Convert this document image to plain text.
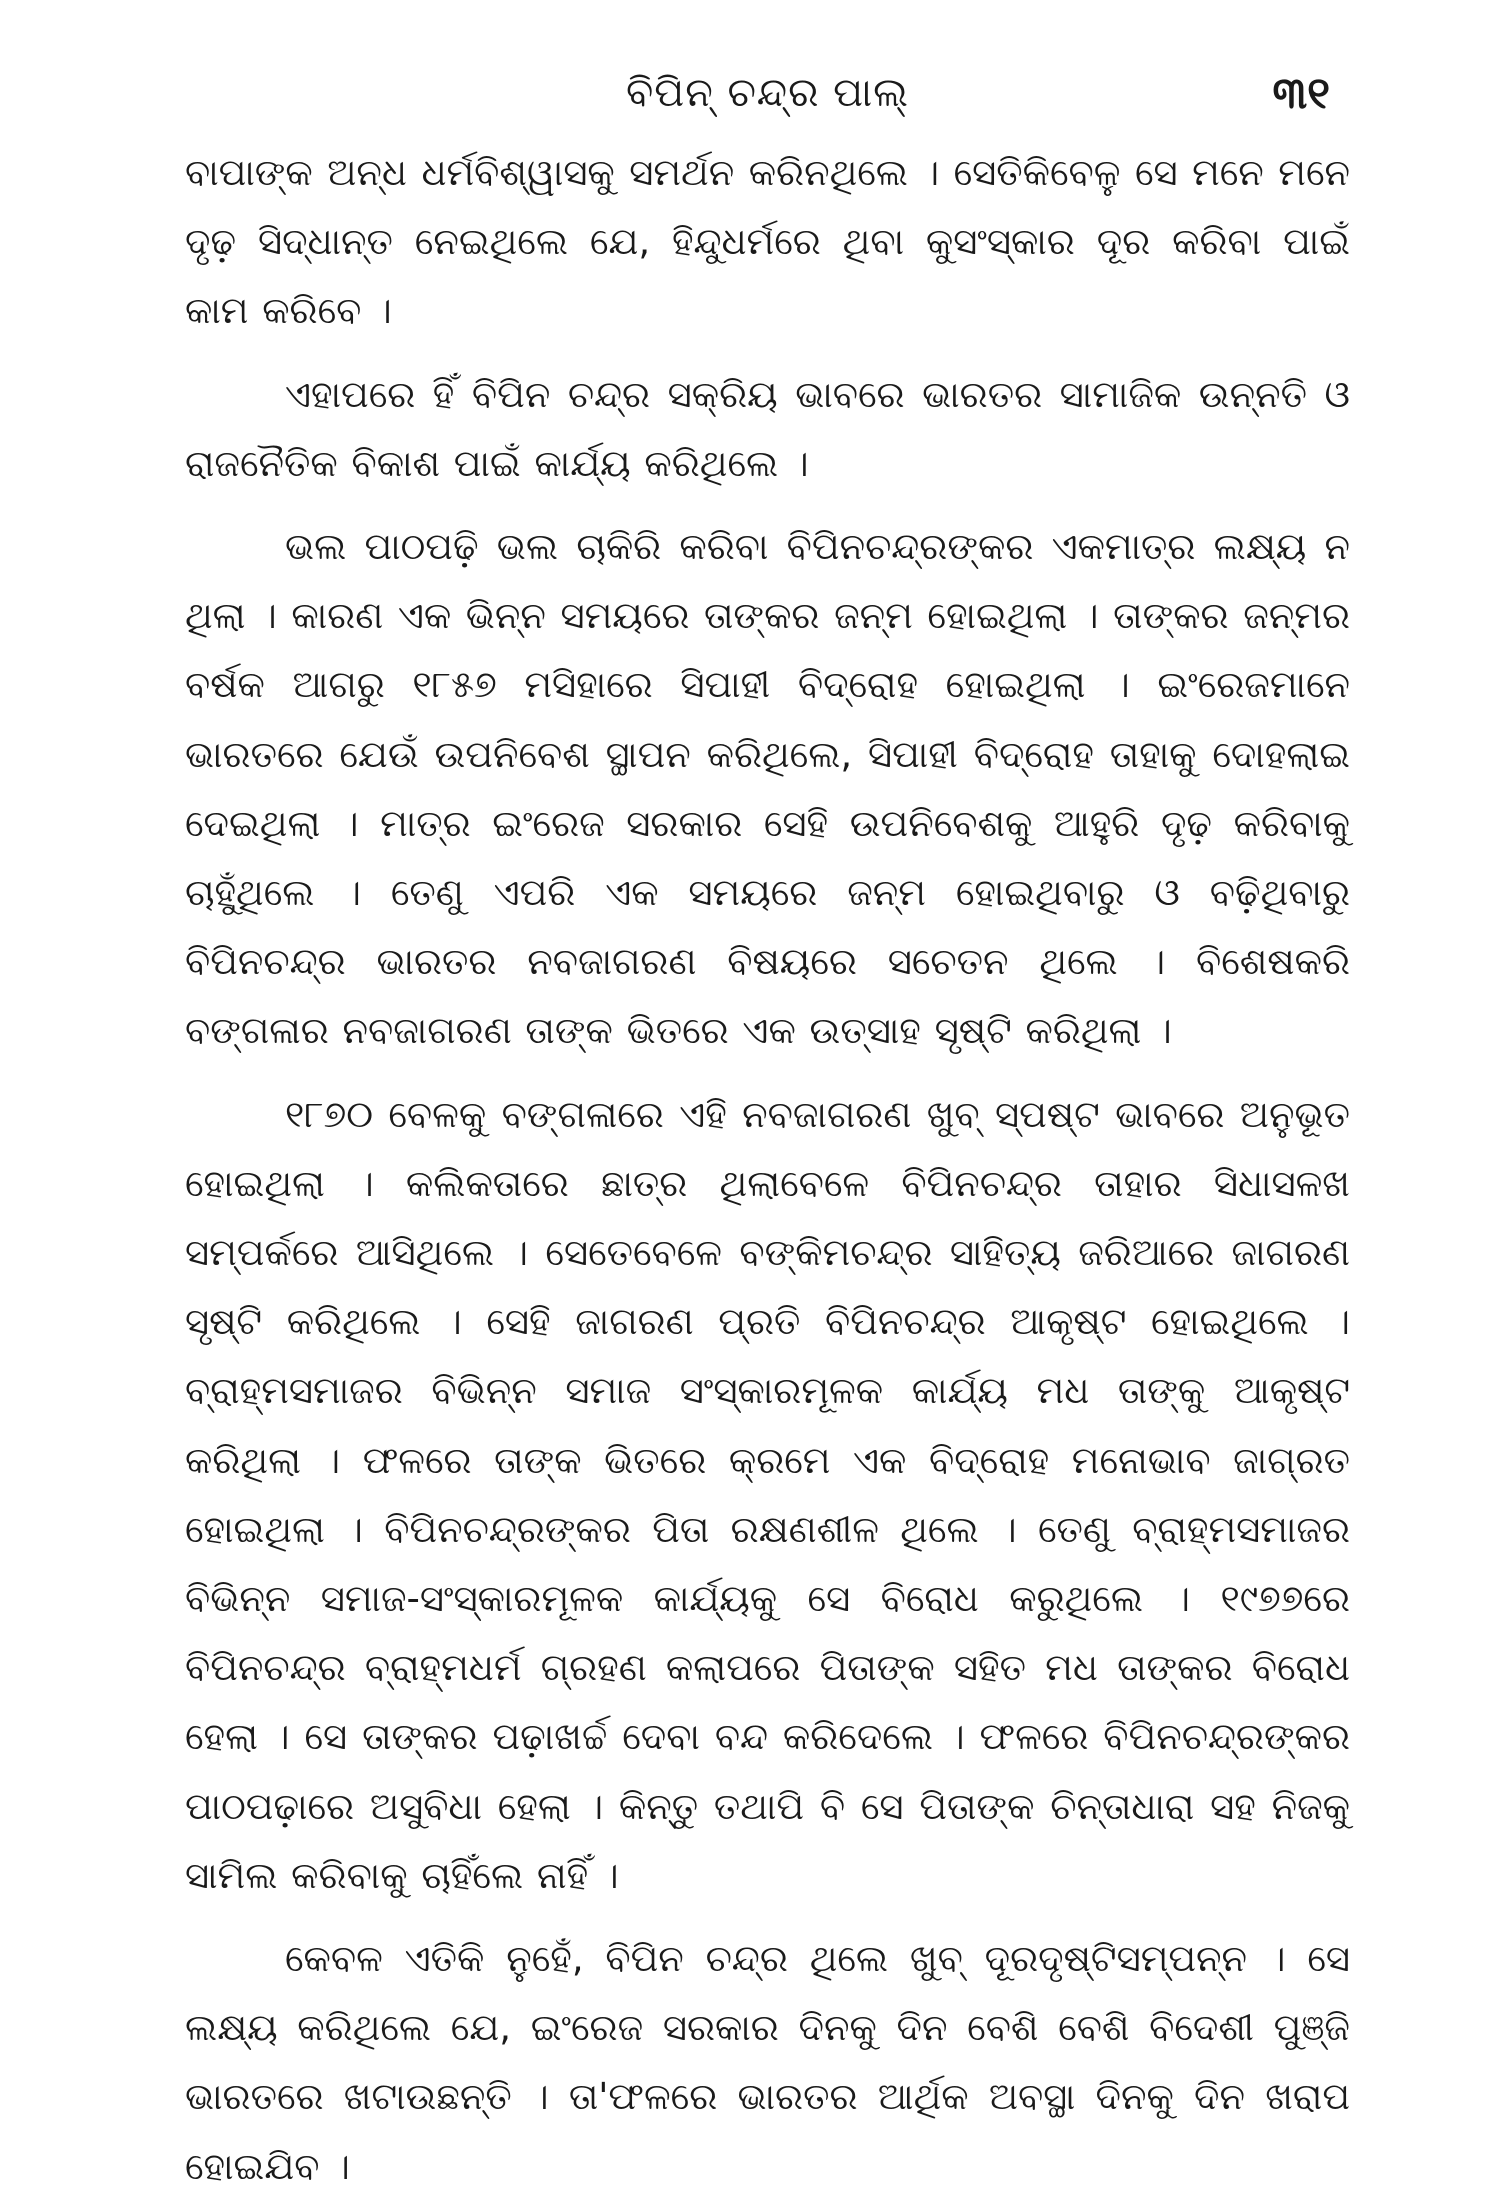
ବିପିନ୍ ଚନ୍ଦ୍ର ପାଲ୍	୩୧

ବାପାଙ୍କ ଅନ୍ଧ ଧର୍ମବିଶ୍ୱାସକୁ ସମର୍ଥନ କରିନଥିଲେ । ସେତିକିବେଳୁ ସେ ମନେ ମନେ ଦୃଢ଼ ସିଦ୍ଧାନ୍ତ ନେଇଥିଲେ ଯେ, ହିନ୍ଦୁଧର୍ମରେ ଥିବା କୁସଂସ୍କାର ଦୂର କରିବା ପାଇଁ କାମ କରିବେ ।

ଏହାପରେ ହିଁ ବିପିନ ଚନ୍ଦ୍ର ସକ୍ରିୟ ଭାବରେ ଭାରତର ସାମାଜିକ ଉନ୍ନତି ଓ ରାଜନୈତିକ ବିକାଶ ପାଇଁ କାର୍ଯ୍ୟ କରିଥିଲେ ।

ଭଲ ପାଠପଢ଼ି ଭଲ ଚାକିରି କରିବା ବିପିନଚନ୍ଦ୍ରଙ୍କର ଏକମାତ୍ର ଲକ୍ଷ୍ୟ ନ ଥିଲା । କାରଣ ଏକ ଭିନ୍ନ ସମୟରେ ତାଙ୍କର ଜନ୍ମ ହୋଇଥିଲା । ତାଙ୍କର ଜନ୍ମର ବର୍ଷକ ଆଗରୁ ୧୮୫୭ ମସିହାରେ ସିପାହୀ ବିଦ୍ରୋହ ହୋଇଥିଲା । ଇଂରେଜମାନେ ଭାରତରେ ଯେଉଁ ଉପନିବେଶ ସ୍ଥାପନ କରିଥିଲେ, ସିପାହୀ ବିଦ୍ରୋହ ତାହାକୁ ଦୋହଲାଇ ଦେଇଥିଲା । ମାତ୍ର ଇଂରେଜ ସରକାର ସେହି ଉପନିବେଶକୁ ଆହୁରି ଦୃଢ଼ କରିବାକୁ ଚାହୁଁଥିଲେ । ତେଣୁ ଏପରି ଏକ ସମୟରେ ଜନ୍ମ ହୋଇଥିବାରୁ ଓ ବଢ଼ିଥିବାରୁ ବିପିନଚନ୍ଦ୍ର ଭାରତର ନବଜାଗରଣ ବିଷୟରେ ସଚେତନ ଥିଲେ । ବିଶେଷକରି ବଙ୍ଗଳାର ନବଜାଗରଣ ତାଙ୍କ ଭିତରେ ଏକ ଉତ୍ସାହ ସୃଷ୍ଟି କରିଥିଲା ।

୧୮୭୦ ବେଳକୁ ବଙ୍ଗଳାରେ ଏହି ନବଜାଗରଣ ଖୁବ୍ ସ୍ପଷ୍ଟ ଭାବରେ ଅନୁଭୂତ ହୋଇଥିଲା । କଲିକତାରେ ଛାତ୍ର ଥିଲାବେଳେ ବିପିନଚନ୍ଦ୍ର ତାହାର ସିଧାସଳଖ ସମ୍ପର୍କରେ ଆସିଥିଲେ । ସେତେବେଳେ ବଙ୍କିମଚନ୍ଦ୍ର ସାହିତ୍ୟ ଜରିଆରେ ଜାଗରଣ ସୃଷ୍ଟି କରିଥିଲେ । ସେହି ଜାଗରଣ ପ୍ରତି ବିପିନଚନ୍ଦ୍ର ଆକୃଷ୍ଟ ହୋଇଥିଲେ । ବ୍ରାହ୍ମସମାଜର ବିଭିନ୍ନ ସମାଜ ସଂସ୍କାରମୂଳକ କାର୍ଯ୍ୟ ମଧ ତାଙ୍କୁ ଆକୃଷ୍ଟ କରିଥିଲା । ଫଳରେ ତାଙ୍କ ଭିତରେ କ୍ରମେ ଏକ ବିଦ୍ରୋହ ମନୋଭାବ ଜାଗ୍ରତ ହୋଇଥିଲା । ବିପିନଚନ୍ଦ୍ରଙ୍କର ପିତା ରକ୍ଷଣଶୀଳ ଥିଲେ । ତେଣୁ ବ୍ରାହ୍ମସମାଜର ବିଭିନ୍ନ ସମାଜ-ସଂସ୍କାରମୂଳକ କାର୍ଯ୍ୟକୁ ସେ ବିରୋଧ କରୁଥିଲେ । ୧୯୭୭ରେ ବିପିନଚନ୍ଦ୍ର ବ୍ରାହ୍ମଧର୍ମ ଗ୍ରହଣ କଲାପରେ ପିତାଙ୍କ ସହିତ ମଧ ତାଙ୍କର ବିରୋଧ ହେଲା । ସେ ତାଙ୍କର ପଢ଼ାଖର୍ଚ୍ଚ ଦେବା ବନ୍ଦ କରିଦେଲେ । ଫଳରେ ବିପିନଚନ୍ଦ୍ରଙ୍କର ପାଠପଢ଼ାରେ ଅସୁବିଧା ହେଲା । କିନ୍ତୁ ତଥାପି ବି ସେ ପିତାଙ୍କ ଚିନ୍ତାଧାରା ସହ ନିଜକୁ ସାମିଲ କରିବାକୁ ଚାହିଁଲେ ନାହିଁ ।

କେବଳ ଏତିକି ନୁହେଁ, ବିପିନ ଚନ୍ଦ୍ର ଥିଲେ ଖୁବ୍ ଦୂରଦୃଷ୍ଟିସମ୍ପନ୍ନ । ସେ ଲକ୍ଷ୍ୟ କରିଥିଲେ ଯେ, ଇଂରେଜ ସରକାର ଦିନକୁ ଦିନ ବେଶି ବେଶି ବିଦେଶୀ ପୁଞ୍ଜି ଭାରତରେ ଖଟାଉଛନ୍ତି । ତା'ଫଳରେ ଭାରତର ଆର୍ଥିକ ଅବସ୍ଥା ଦିନକୁ ଦିନ ଖରାପ ହୋଇଯିବ ।
